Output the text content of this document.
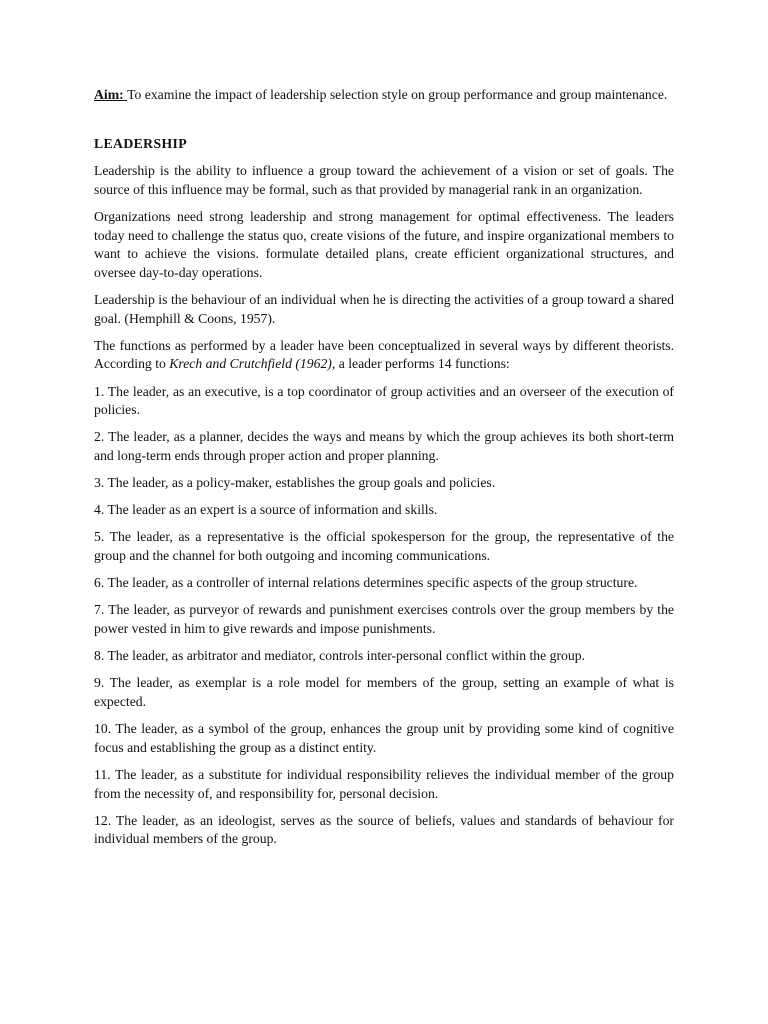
Aim: To examine the impact of leadership selection style on group performance and group maintenance.

LEADERSHIP

Leadership is the ability to influence a group toward the achievement of a vision or set of goals. The source of this influence may be formal, such as that provided by managerial rank in an organization.

Organizations need strong leadership and strong management for optimal effectiveness. The leaders today need to challenge the status quo, create visions of the future, and inspire organizational members to want to achieve the visions. formulate detailed plans, create efficient organizational structures, and oversee day-to-day operations.

Leadership is the behaviour of an individual when he is directing the activities of a group toward a shared goal. (Hemphill & Coons, 1957).

The functions as performed by a leader have been conceptualized in several ways by different theorists. According to Krech and Crutchfield (1962), a leader performs 14 functions:

1. The leader, as an executive, is a top coordinator of group activities and an overseer of the execution of policies.

2. The leader, as a planner, decides the ways and means by which the group achieves its both short-term and long-term ends through proper action and proper planning.

3. The leader, as a policy-maker, establishes the group goals and policies.

4. The leader as an expert is a source of information and skills.

5. The leader, as a representative is the official spokesperson for the group, the representative of the group and the channel for both outgoing and incoming communications.

6. The leader, as a controller of internal relations determines specific aspects of the group structure.

7. The leader, as purveyor of rewards and punishment exercises controls over the group members by the power vested in him to give rewards and impose punishments.

8. The leader, as arbitrator and mediator, controls inter-personal conflict within the group.

9. The leader, as exemplar is a role model for members of the group, setting an example of what is expected.

10. The leader, as a symbol of the group, enhances the group unit by providing some kind of cognitive focus and establishing the group as a distinct entity.

11. The leader, as a substitute for individual responsibility relieves the individual member of the group from the necessity of, and responsibility for, personal decision.

12. The leader, as an ideologist, serves as the source of beliefs, values and standards of behaviour for individual members of the group.
